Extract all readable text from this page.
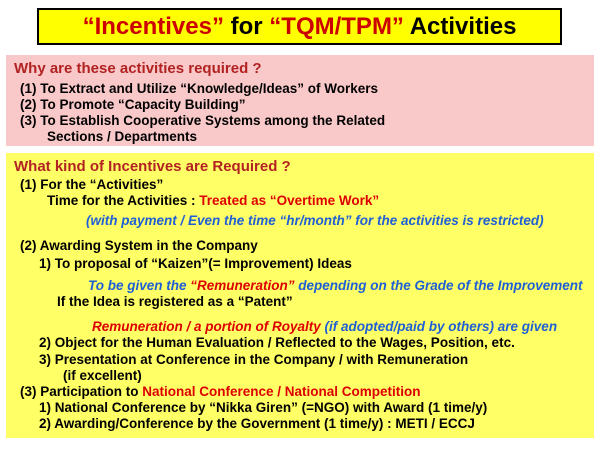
“Incentives” for “TQM/TPM” Activities
Why are these activities required ?
(1) To Extract and Utilize “Knowledge/Ideas” of Workers
(2) To Promote “Capacity Building”
(3) To Establish Cooperative Systems among the Related
Sections / Departments
What kind of Incentives are Required ?
(1) For the “Activities”
Time for the Activities : Treated as “Overtime Work”
(with payment / Even the time “hr/month” for the activities is restricted)
(2) Awarding System in the Company
1) To proposal of “Kaizen”(= Improvement) Ideas
To be given the “Remuneration” depending on the Grade of the Improvement
If the Idea is registered as a “Patent”
Remuneration / a portion of Royalty (if adopted/paid by others) are given
2) Object for the Human Evaluation / Reflected to the Wages, Position, etc.
3) Presentation at Conference in the Company / with Remuneration
(if excellent)
(3) Participation to National Conference / National Competition
1) National Conference by “Nikka Giren” (=NGO) with Award (1 time/y)
2) Awarding/Conference by the Government (1 time/y) : METI / ECCJ
